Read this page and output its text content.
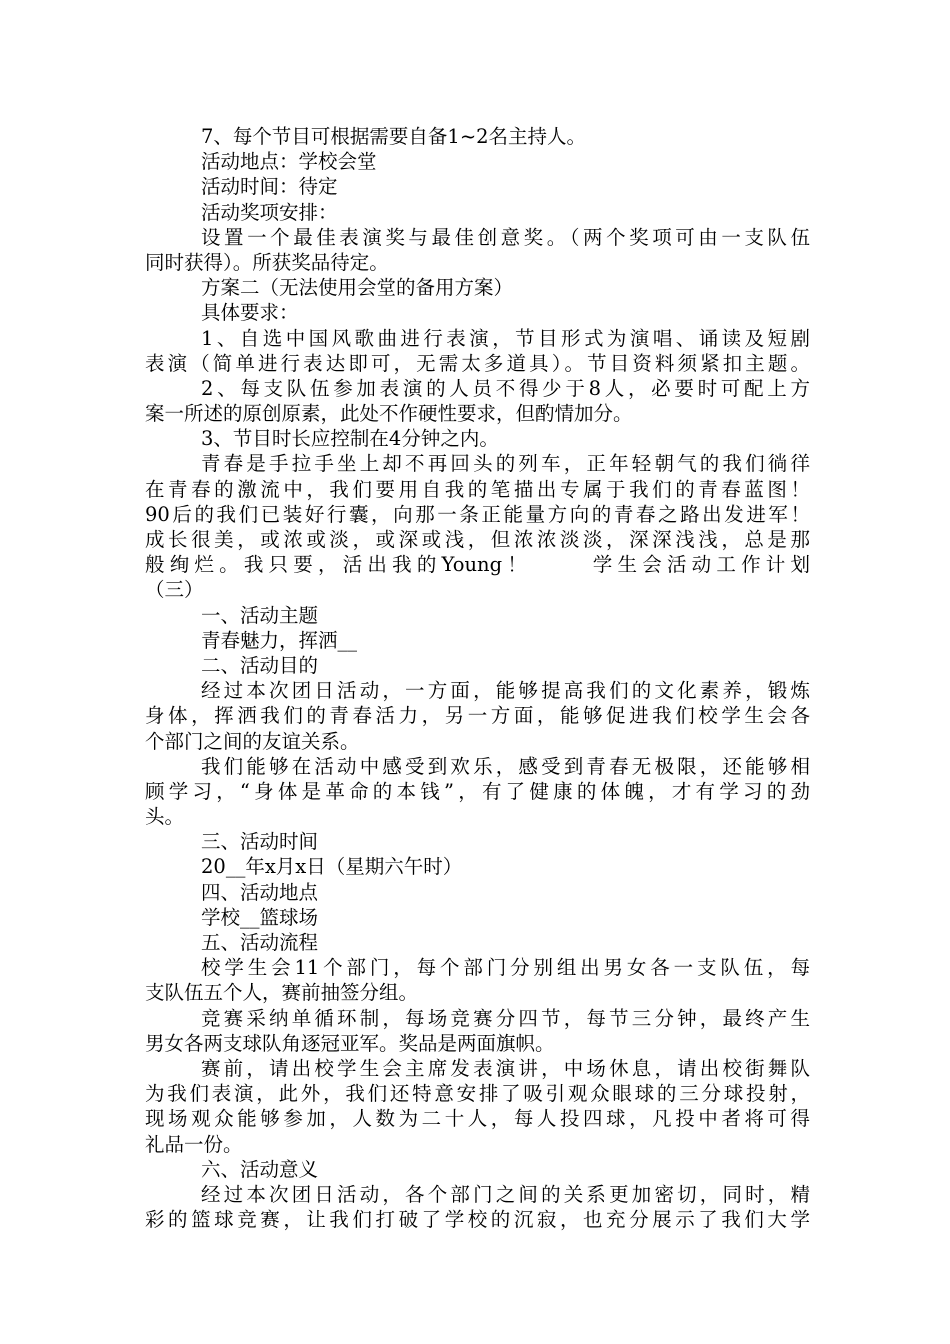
7、每个节目可根据需要自备1~2名主持人。
活动地点：学校会堂
活动时间：待定
活动奖项安排：
设置一个最佳表演奖与最佳创意奖。（两个奖项可由一支队伍
同时获得）。所获奖品待定。
方案二（无法使用会堂的备用方案）
具体要求：
1、自选中国风歌曲进行表演，节目形式为演唱、诵读及短剧
表演（简单进行表达即可，无需太多道具）。节目资料须紧扣主题。
2、每支队伍参加表演的人员不得少于8人，必要时可配上方
案一所述的原创原素，此处不作硬性要求，但酌情加分。
3、节目时长应控制在4分钟之内。
青春是手拉手坐上却不再回头的列车，正年轻朝气的我们徜徉
在青春的激流中，我们要用自我的笔描出专属于我们的青春蓝图！
90后的我们已装好行囊，向那一条正能量方向的青春之路出发进军！
成长很美，或浓或淡，或深或浅，但浓浓淡淡，深深浅浅，总是那
般绚烂。我只要，活出我的Young！　　 学生会活动工作计划
（三）
一、活动主题
青春魅力，挥洒__
二、活动目的
经过本次团日活动，一方面，能够提高我们的文化素养，锻炼
身体，挥洒我们的青春活力，另一方面，能够促进我们校学生会各
个部门之间的友谊关系。
我们能够在活动中感受到欢乐，感受到青春无极限，还能够相
顾学习，“身体是革命的本钱”，有了健康的体魄，才有学习的劲
头。
三、活动时间
20__年x月x日（星期六午时）
四、活动地点
学校__篮球场
五、活动流程
校学生会11个部门，每个部门分别组出男女各一支队伍，每
支队伍五个人，赛前抽签分组。
竞赛采纳单循环制，每场竞赛分四节，每节三分钟，最终产生
男女各两支球队角逐冠亚军。奖品是两面旗帜。
赛前，请出校学生会主席发表演讲，中场休息，请出校街舞队
为我们表演，此外，我们还特意安排了吸引观众眼球的三分球投射，
现场观众能够参加，人数为二十人，每人投四球，凡投中者将可得
礼品一份。
六、活动意义
经过本次团日活动，各个部门之间的关系更加密切，同时，精
彩的篮球竞赛，让我们打破了学校的沉寂，也充分展示了我们大学
